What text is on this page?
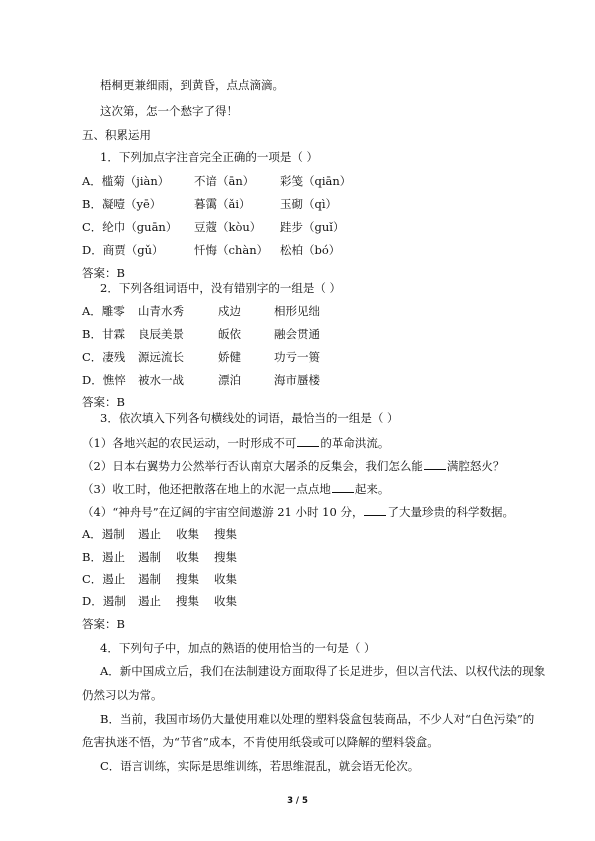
梧桐更兼细雨，到黄昏，点点滴滴。
这次第，怎一个愁字了得！
五、积累运用
1．下列加点字注音完全正确的一项是（ ）
A．槛菊（jiàn） 不谙（ān） 彩笺（qiān）
B．凝噎（yē）	暮霭（ǎi）	玉砌（qì）
C．纶巾（guān） 豆蔻（kòu） 跬步（guǐ）
D．商贾（gǔ）	忏悔（chàn） 松柏（bó）
答案：B
2．下列各组词语中，没有错别字的一组是（ ）
A．雕零 山青水秀	戍边	相形见绌
B．甘霖 良辰美景	皈依	融会贯通
C．凄残 源远流长	娇健	功亏一篑
D．憔悴 被水一战	漂泊	海市蜃楼
答案：B
3．依次填入下列各句横线处的词语，最恰当的一组是（ ）
（1）各地兴起的农民运动，一时形成不可 的革命洪流。
（2）日本右翼势力公然举行否认南京大屠杀的反集会，我们怎么能 满腔怒火？
（3）收工时，他还把散落在地上的水泥一点点地 起来。
（4）“神舟号”在辽阔的宇宙空间遨游 21 小时 10 分， 了大量珍贵的科学数据。
A．遏制 遏止 收集 搜集
B．遏止 遏制 收集 搜集
C．遏止 遏制 搜集 收集
D．遏制 遏止 搜集 收集
答案：B
4．下列句子中，加点的熟语的使用恰当的一句是（ ）
A．新中国成立后，我们在法制建设方面取得了长足进步，但以言代法、以权代法的现象
仍然习以为常。
B．当前，我国市场仍大量使用难以处理的塑料袋盒包装商品，不少人对“白色污染”的
危害执迷不悟，为“节省”成本，不肯使用纸袋或可以降解的塑料袋盒。
C．语言训练，实际是思维训练，若思维混乱，就会语无伦次。
3 / 5
